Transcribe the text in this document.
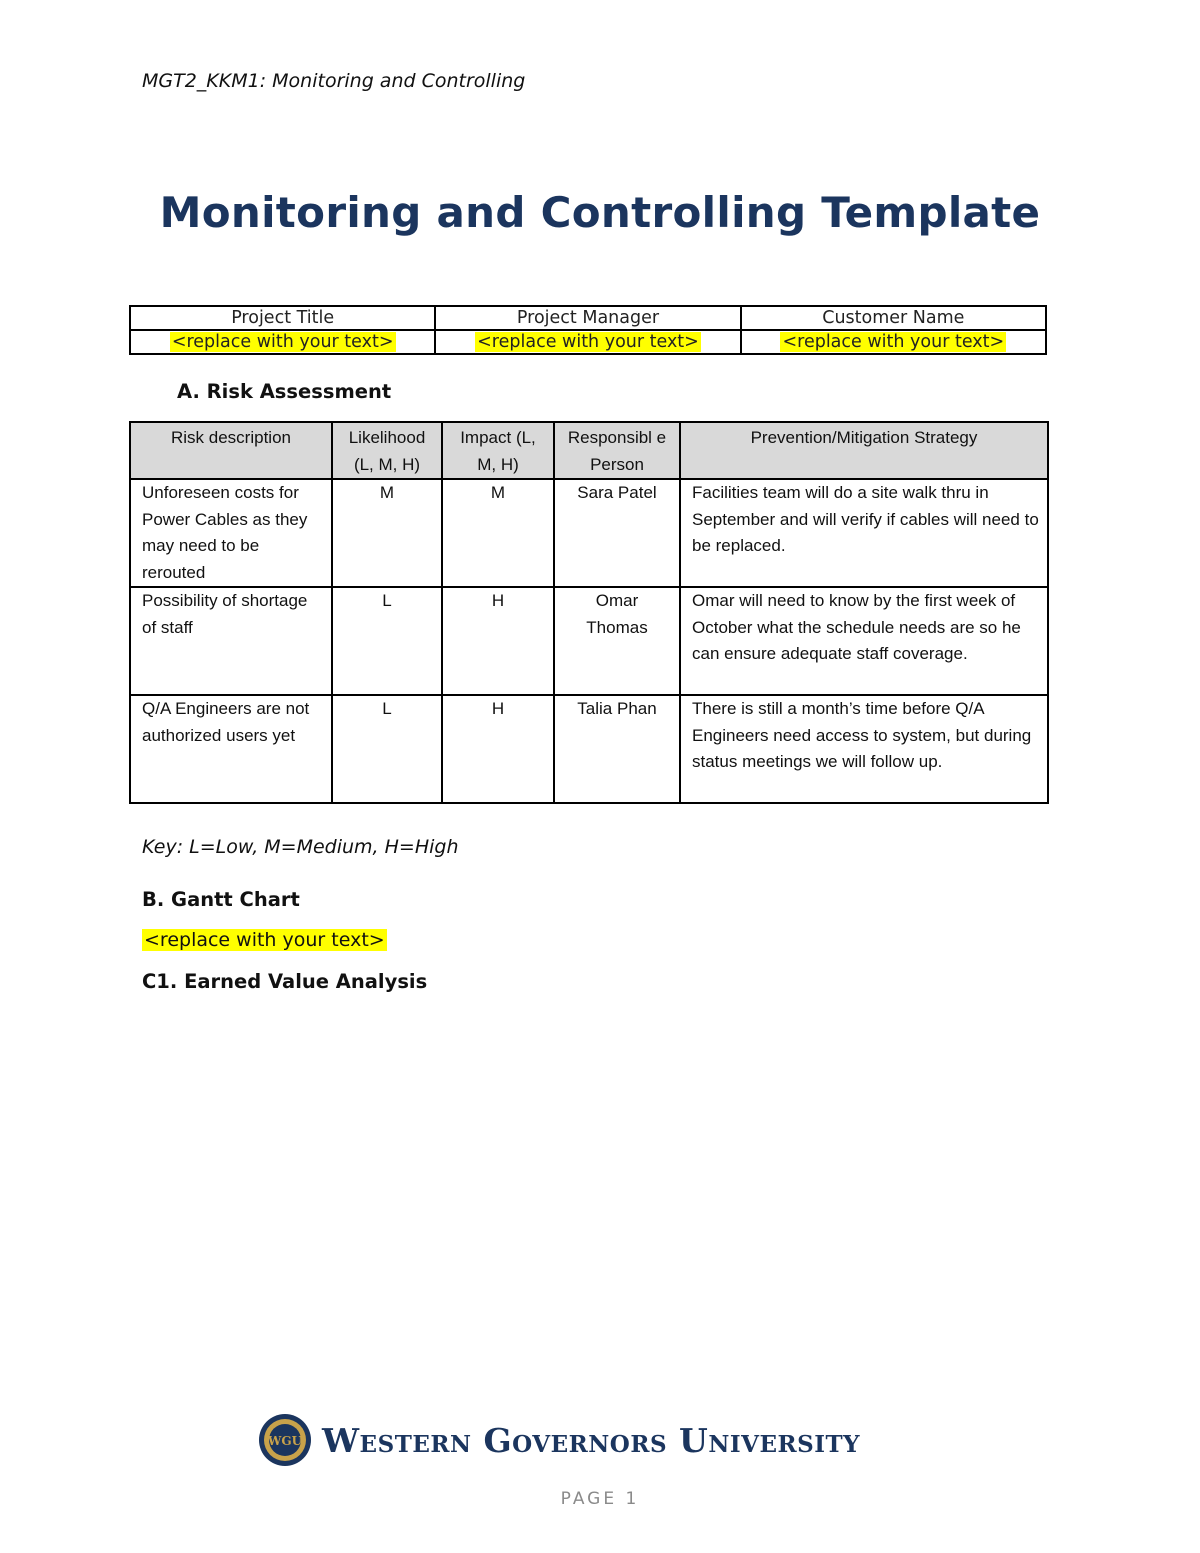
MGT2_KKM1: Monitoring and Controlling
Monitoring and Controlling Template
Project Title	Project Manager	Customer Name
<replace with your text>	<replace with your text>	<replace with your text>
A. Risk Assessment
Risk description	Likelihood (L, M, H)	Impact (L, M, H)	Responsibl e Person	Prevention/Mitigation Strategy
Unforeseen costs for Power Cables as they may need to be rerouted	M	M	Sara Patel	Facilities team will do a site walk thru in September and will verify if cables will need to be replaced.
Possibility of shortage of staff	L	H	Omar Thomas	Omar will need to know by the first week of October what the schedule needs are so he can ensure adequate staff coverage.
Q/A Engineers are not authorized users yet	L	H	Talia Phan	There is still a month’s time before Q/A Engineers need access to system, but during status meetings we will follow up.
Key: L=Low, M=Medium, H=High
B. Gantt Chart
<replace with your text>
C1. Earned Value Analysis
WGU Western Governors University
PAGE 1
